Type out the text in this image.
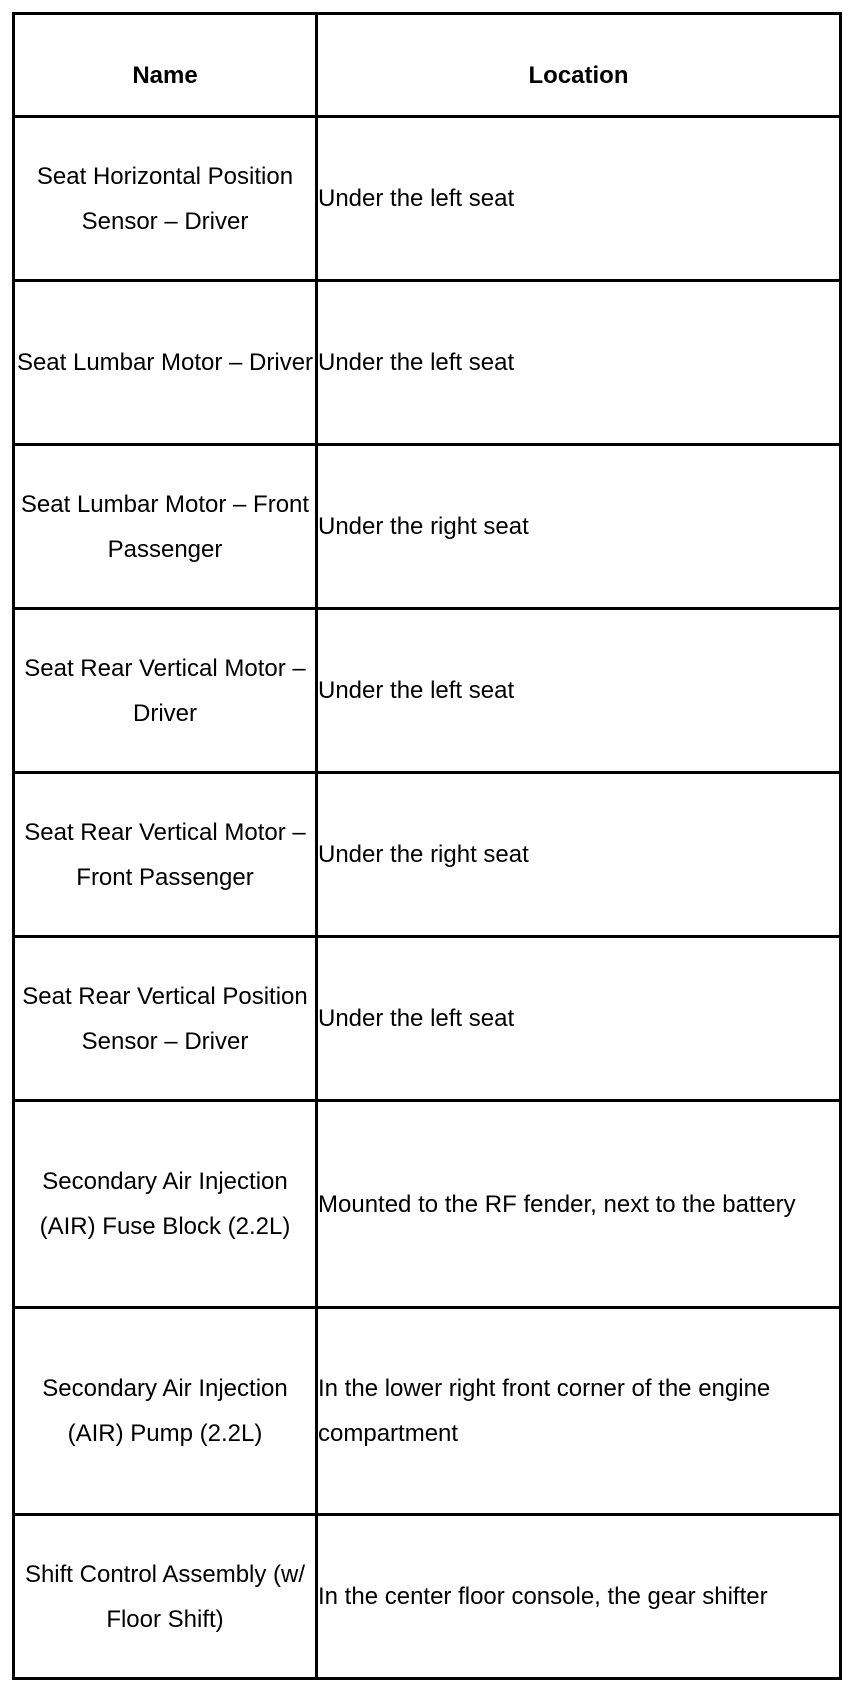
Name	Location
Seat Horizontal Position Sensor – Driver	Under the left seat
Seat Lumbar Motor – Driver	Under the left seat
Seat Lumbar Motor – Front Passenger	Under the right seat
Seat Rear Vertical Motor – Driver	Under the left seat
Seat Rear Vertical Motor – Front Passenger	Under the right seat
Seat Rear Vertical Position Sensor – Driver	Under the left seat
Secondary Air Injection (AIR) Fuse Block (2.2L)	Mounted to the RF fender, next to the battery
Secondary Air Injection (AIR) Pump (2.2L)	In the lower right front corner of the engine compartment
Shift Control Assembly (w/ Floor Shift)	In the center floor console, the gear shifter
